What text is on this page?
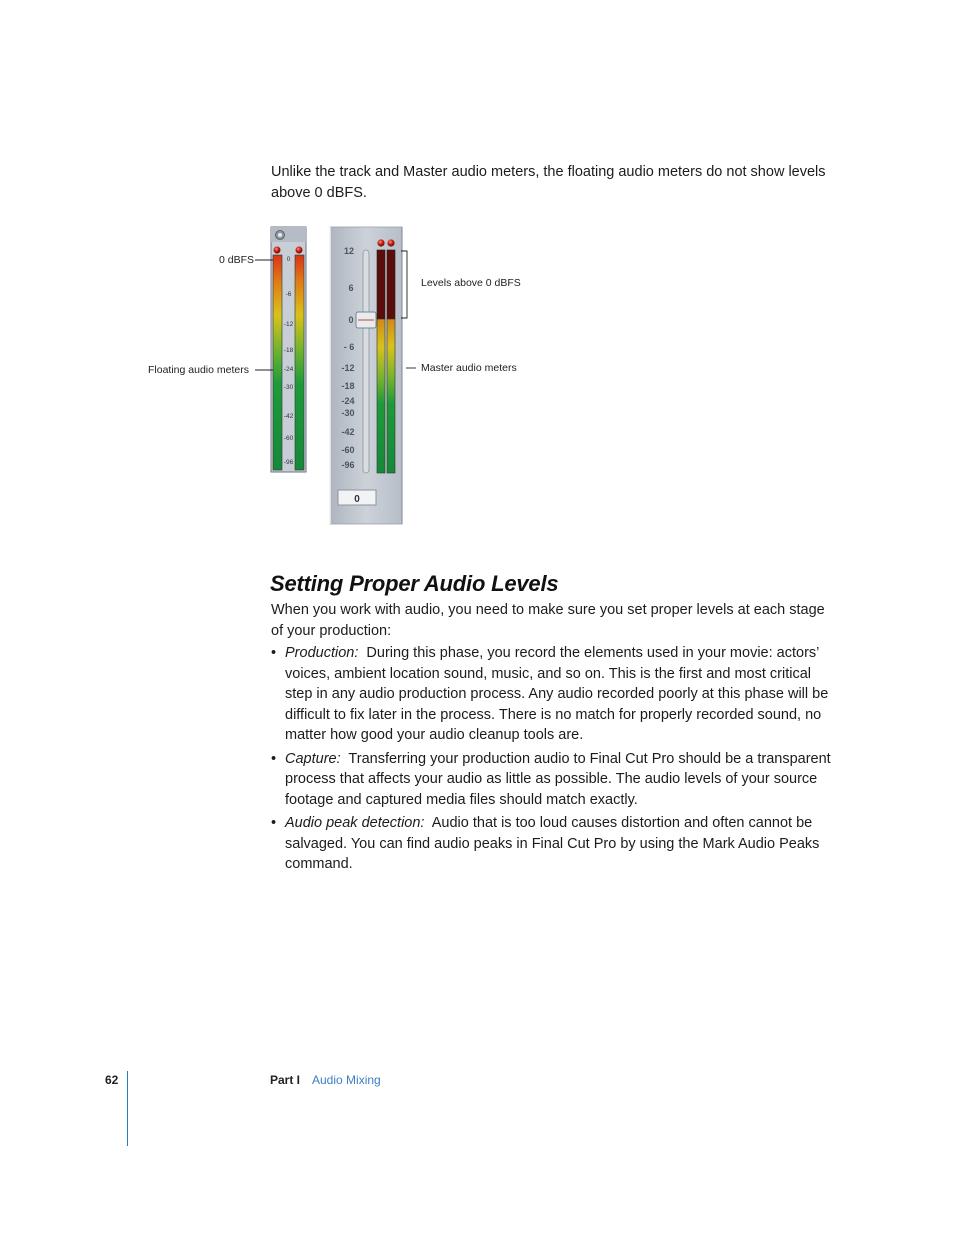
Unlike the track and Master audio meters, the floating audio meters do not show levels above 0 dBFS.
0
-6
-12
-18
-24
-30
-42
-60
-96
12
6
0
- 6
-12
-18
-24
-30
-42
-60
-96
0
0 dBFS
Floating audio meters
Levels above 0 dBFS
Master audio meters
Setting Proper Audio Levels
When you work with audio, you need to make sure you set proper levels at each stage of your production:
• Production: During this phase, you record the elements used in your movie: actors’ voices, ambient location sound, music, and so on. This is the first and most critical step in any audio production process. Any audio recorded poorly at this phase will be difficult to fix later in the process. There is no match for properly recorded sound, no matter how good your audio cleanup tools are.
• Capture: Transferring your production audio to Final Cut Pro should be a transparent process that affects your audio as little as possible. The audio levels of your source footage and captured media files should match exactly.
• Audio peak detection: Audio that is too loud causes distortion and often cannot be salvaged. You can find audio peaks in Final Cut Pro by using the Mark Audio Peaks command.
62	Part I Audio Mixing
